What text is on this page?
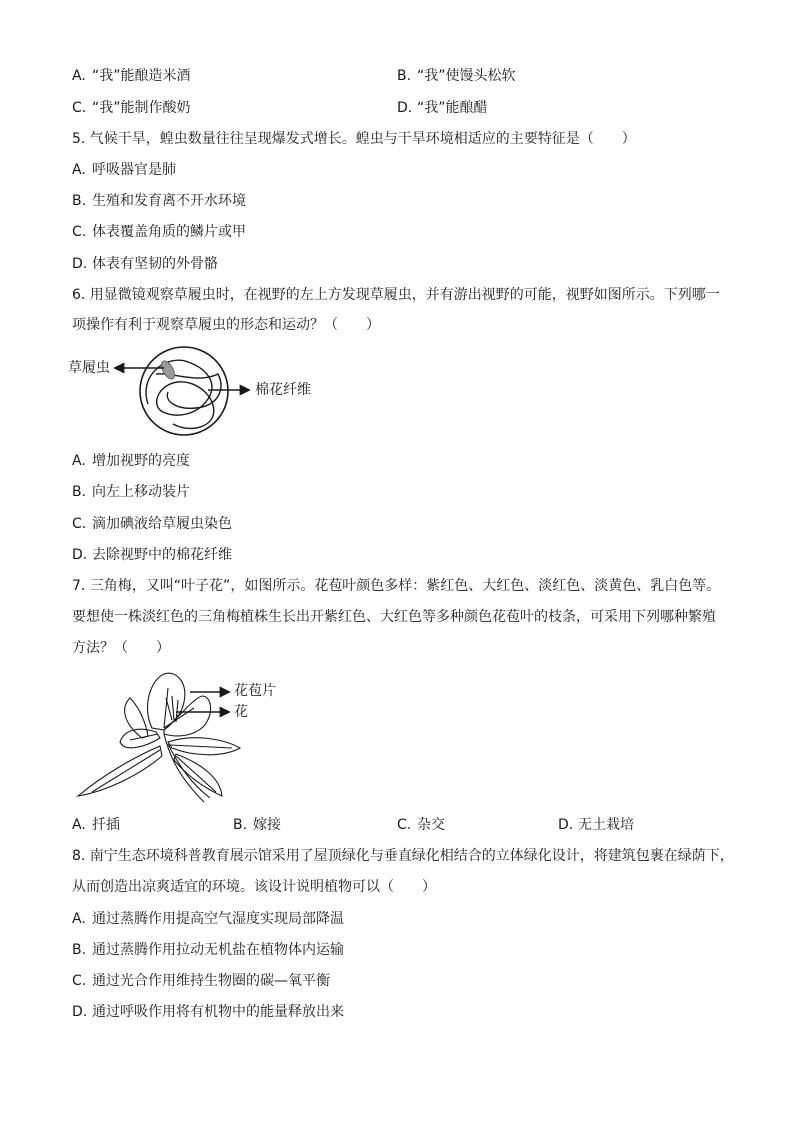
A. “我”能酿造米酒	B. “我”使馒头松软
C. “我”能制作酸奶	D. “我”能酿醋
5. 气候干旱，蝗虫数量往往呈现爆发式增长。蝗虫与干旱环境相适应的主要特征是（　　）
A. 呼吸器官是肺
B. 生殖和发育离不开水环境
C. 体表覆盖角质的鳞片或甲
D. 体表有坚韧的外骨骼
6. 用显微镜观察草履虫时，在视野的左上方发现草履虫，并有游出视野的可能，视野如图所示。下列哪一
项操作有利于观察草履虫的形态和运动？（　　）
草履虫
棉花纤维
A. 增加视野的亮度
B. 向左上移动装片
C. 滴加碘液给草履虫染色
D. 去除视野中的棉花纤维
7. 三角梅，又叫“叶子花”，如图所示。花苞叶颜色多样：紫红色、大红色、淡红色、淡黄色、乳白色等。
要想使一株淡红色的三角梅植株生长出开紫红色、大红色等多种颜色花苞叶的枝条，可采用下列哪种繁殖
方法？（　　）
花苞片
花
A. 扦插	B. 嫁接	C. 杂交	D. 无土栽培
8. 南宁生态环境科普教育展示馆采用了屋顶绿化与垂直绿化相结合的立体绿化设计，将建筑包裹在绿荫下，
从而创造出凉爽适宜的环境。该设计说明植物可以（　　）
A. 通过蒸腾作用提高空气湿度实现局部降温
B. 通过蒸腾作用拉动无机盐在植物体内运输
C. 通过光合作用维持生物圈的碳—氧平衡
D. 通过呼吸作用将有机物中的能量释放出来
